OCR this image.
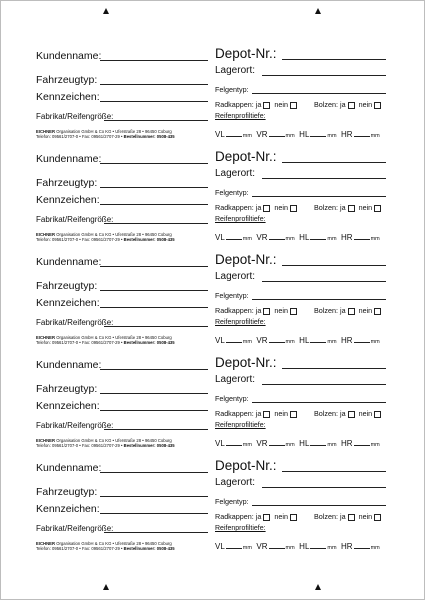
Kundenname:
Fahrzeugtyp:
Kennzeichen:
Fabrikat/Reifengröße:
EICHNER Organisation GmbH & Co KG • Uferstraße 28 • 96450 Coburg
Telefon: 09561/2707-0 • Fax: 09561/2707-29 • Bestellnummer: 0508-435
Depot-Nr.:
Lagerort:
Felgentyp:
Radkappen: ja nein	Bolzen: ja nein
Reifenprofiltiefe:
VL	mm VR	mm HL	mm HR	mm
Kundenname:
Fahrzeugtyp:
Kennzeichen:
Fabrikat/Reifengröße:
EICHNER Organisation GmbH & Co KG • Uferstraße 28 • 96450 Coburg
Telefon: 09561/2707-0 • Fax: 09561/2707-29 • Bestellnummer: 0508-435
Depot-Nr.:
Lagerort:
Felgentyp:
Radkappen: ja nein	Bolzen: ja nein
Reifenprofiltiefe:
VL	mm VR	mm HL	mm HR	mm
Kundenname:
Fahrzeugtyp:
Kennzeichen:
Fabrikat/Reifengröße:
EICHNER Organisation GmbH & Co KG • Uferstraße 28 • 96450 Coburg
Telefon: 09561/2707-0 • Fax: 09561/2707-29 • Bestellnummer: 0508-435
Depot-Nr.:
Lagerort:
Felgentyp:
Radkappen: ja nein	Bolzen: ja nein
Reifenprofiltiefe:
VL	mm VR	mm HL	mm HR	mm
Kundenname:
Fahrzeugtyp:
Kennzeichen:
Fabrikat/Reifengröße:
EICHNER Organisation GmbH & Co KG • Uferstraße 28 • 96450 Coburg
Telefon: 09561/2707-0 • Fax: 09561/2707-29 • Bestellnummer: 0508-435
Depot-Nr.:
Lagerort:
Felgentyp:
Radkappen: ja nein	Bolzen: ja nein
Reifenprofiltiefe:
VL	mm VR	mm HL	mm HR	mm
Kundenname:
Fahrzeugtyp:
Kennzeichen:
Fabrikat/Reifengröße:
EICHNER Organisation GmbH & Co KG • Uferstraße 28 • 96450 Coburg
Telefon: 09561/2707-0 • Fax: 09561/2707-29 • Bestellnummer: 0508-435
Depot-Nr.:
Lagerort:
Felgentyp:
Radkappen: ja nein	Bolzen: ja nein
Reifenprofiltiefe:
VL	mm VR	mm HL	mm HR	mm
